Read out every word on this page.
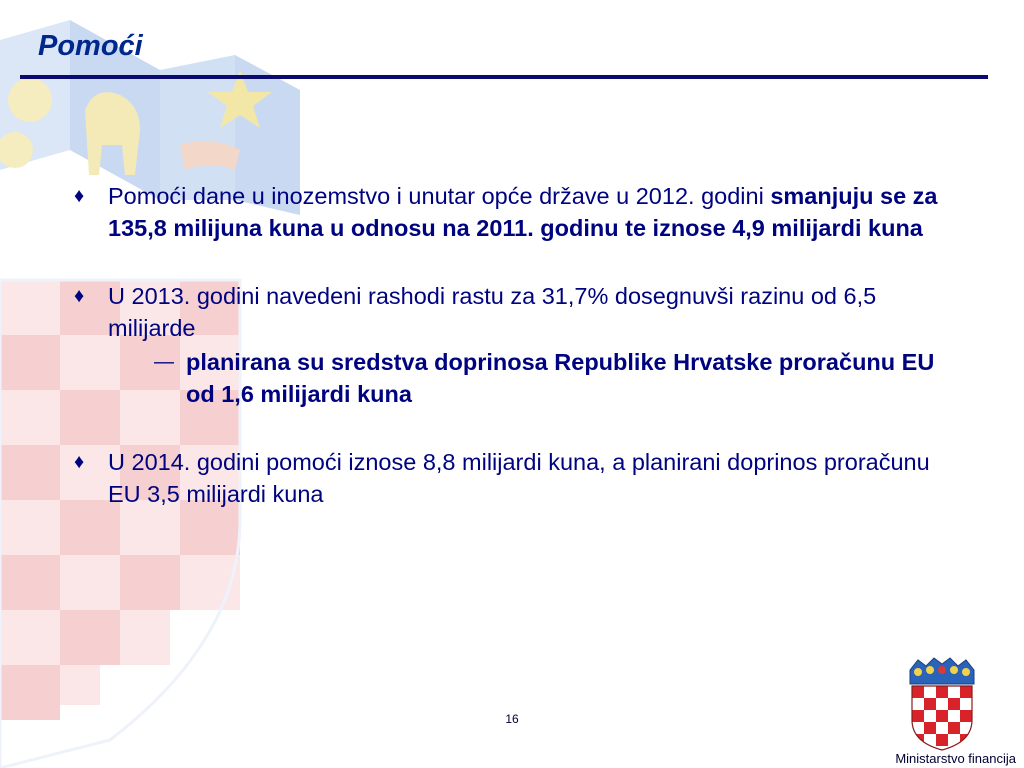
Pomoći
♦ Pomoći dane u inozemstvo i unutar opće države u 2012. godini smanjuju se za 135,8 milijuna kuna u odnosu na 2011. godinu te iznose 4,9 milijardi kuna
♦ U 2013. godini navedeni rashodi rastu za 31,7% dosegnuvši razinu od 6,5 milijarde
— planirana su sredstva doprinosa Republike Hrvatske proračunu EU od 1,6 milijardi kuna
♦ U 2014. godini pomoći iznose 8,8 milijardi kuna, a planirani doprinos proračunu EU 3,5 milijardi kuna
16
Ministarstvo financija
